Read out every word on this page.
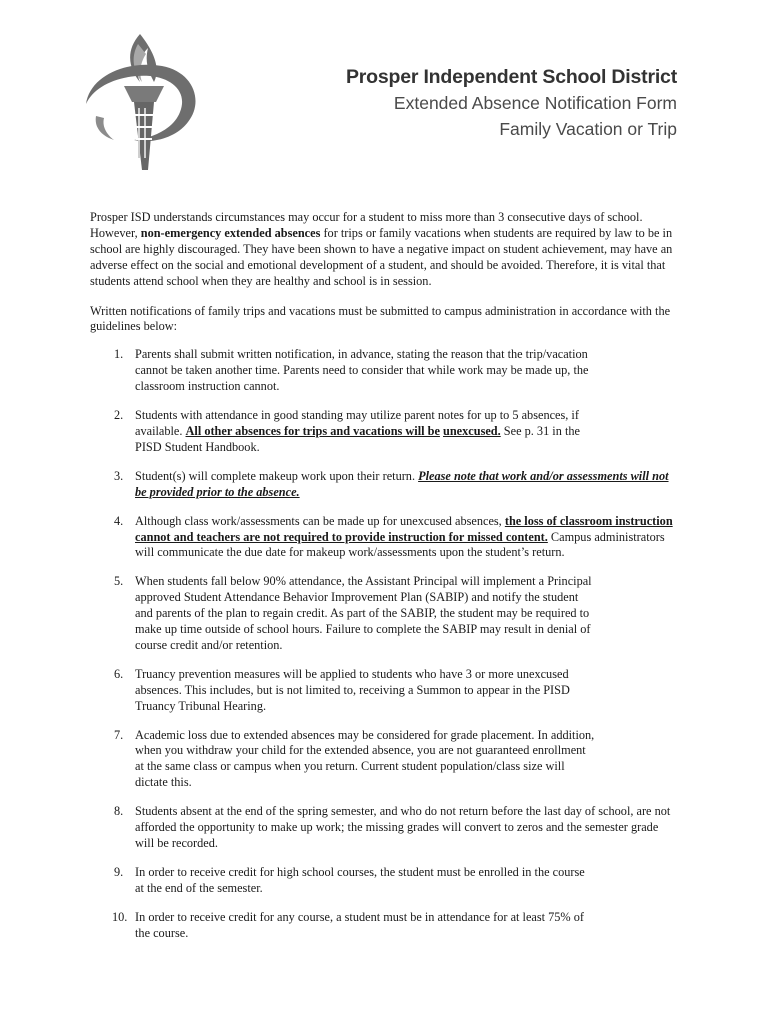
Prosper Independent School District
Extended Absence Notification Form
Family Vacation or Trip

Prosper ISD understands circumstances may occur for a student to miss more than 3 consecutive days of school. However, non-emergency extended absences for trips or family vacations when students are required by law to be in school are highly discouraged. They have been shown to have a negative impact on student achievement, may have an adverse effect on the social and emotional development of a student, and should be avoided. Therefore, it is vital that students attend school when they are healthy and school is in session.

Written notifications of family trips and vacations must be submitted to campus administration in accordance with the guidelines below:

1. Parents shall submit written notification, in advance, stating the reason that the trip/vacation cannot be taken another time. Parents need to consider that while work may be made up, the classroom instruction cannot.
2. Students with attendance in good standing may utilize parent notes for up to 5 absences, if available. All other absences for trips and vacations will be unexcused. See p. 31 in the PISD Student Handbook.
3. Student(s) will complete makeup work upon their return. Please note that work and/or assessments will not be provided prior to the absence.
4. Although class work/assessments can be made up for unexcused absences, the loss of classroom instruction cannot and teachers are not required to provide instruction for missed content. Campus administrators will communicate the due date for makeup work/assessments upon the student’s return.
5. When students fall below 90% attendance, the Assistant Principal will implement a Principal approved Student Attendance Behavior Improvement Plan (SABIP) and notify the student and parents of the plan to regain credit. As part of the SABIP, the student may be required to make up time outside of school hours. Failure to complete the SABIP may result in denial of course credit and/or retention.
6. Truancy prevention measures will be applied to students who have 3 or more unexcused absences. This includes, but is not limited to, receiving a Summon to appear in the PISD Truancy Tribunal Hearing.
7. Academic loss due to extended absences may be considered for grade placement. In addition, when you withdraw your child for the extended absence, you are not guaranteed enrollment at the same class or campus when you return. Current student population/class size will dictate this.
8. Students absent at the end of the spring semester, and who do not return before the last day of school, are not afforded the opportunity to make up work; the missing grades will convert to zeros and the semester grade will be recorded.
9. In order to receive credit for high school courses, the student must be enrolled in the course at the end of the semester.
10. In order to receive credit for any course, a student must be in attendance for at least 75% of the course.
